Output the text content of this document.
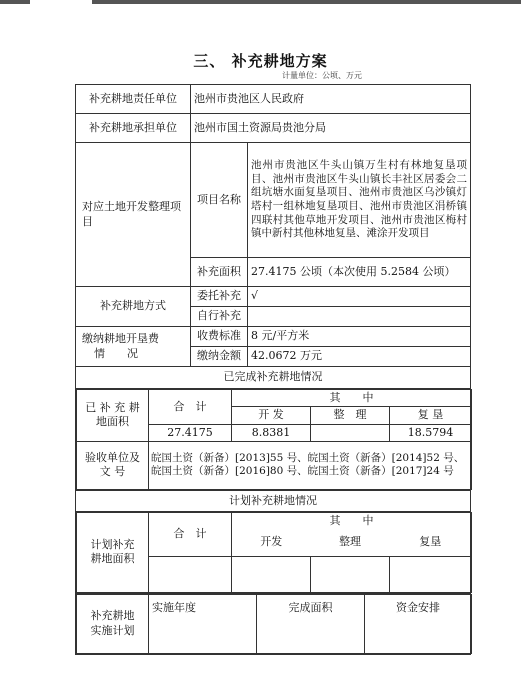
三、 补充耕地方案
计量单位：公顷、万元
补充耕地责任单位	池州市贵池区人民政府
补充耕地承担单位	池州市国土资源局贵池分局
对应土地开发整理项目	项目名称	池州市贵池区牛头山镇万生村有林地复垦项目、池州市贵池区牛头山镇长丰社区居委会二组坑塘水面复垦项目、池州市贵池区乌沙镇灯塔村一组林地复垦项目、池州市贵池区涓桥镇四联村其他草地开发项目、池州市贵池区梅村镇中新村其他林地复垦、滩涂开发项目
补充面积	27.4175 公顷（本次使用 5.2584 公顷）
补充耕地方式	委托补充	√
自行补充	

缴纳耕地开垦费
情　　况
	收费标准	8 元/平方米
缴纳金额	42.0672 万元
已完成补充耕地情况

已 补 充 耕地面积	合　计	其　　中
开 发	整　理	复 垦
27.4175	8.8381		18.5794
验收单位及 文 号	皖国土资（新备）[2013]55 号、皖国土资（新备）[2014]52 号、皖国土资（新备）[2016]80 号、皖国土资（新备）[2017]24 号

计划补充耕地情况

计划补充耕地面积	合　计	其　　中
开发	整理	复垦

补充耕地实施计划	实施年度	完成面积	资金安排
